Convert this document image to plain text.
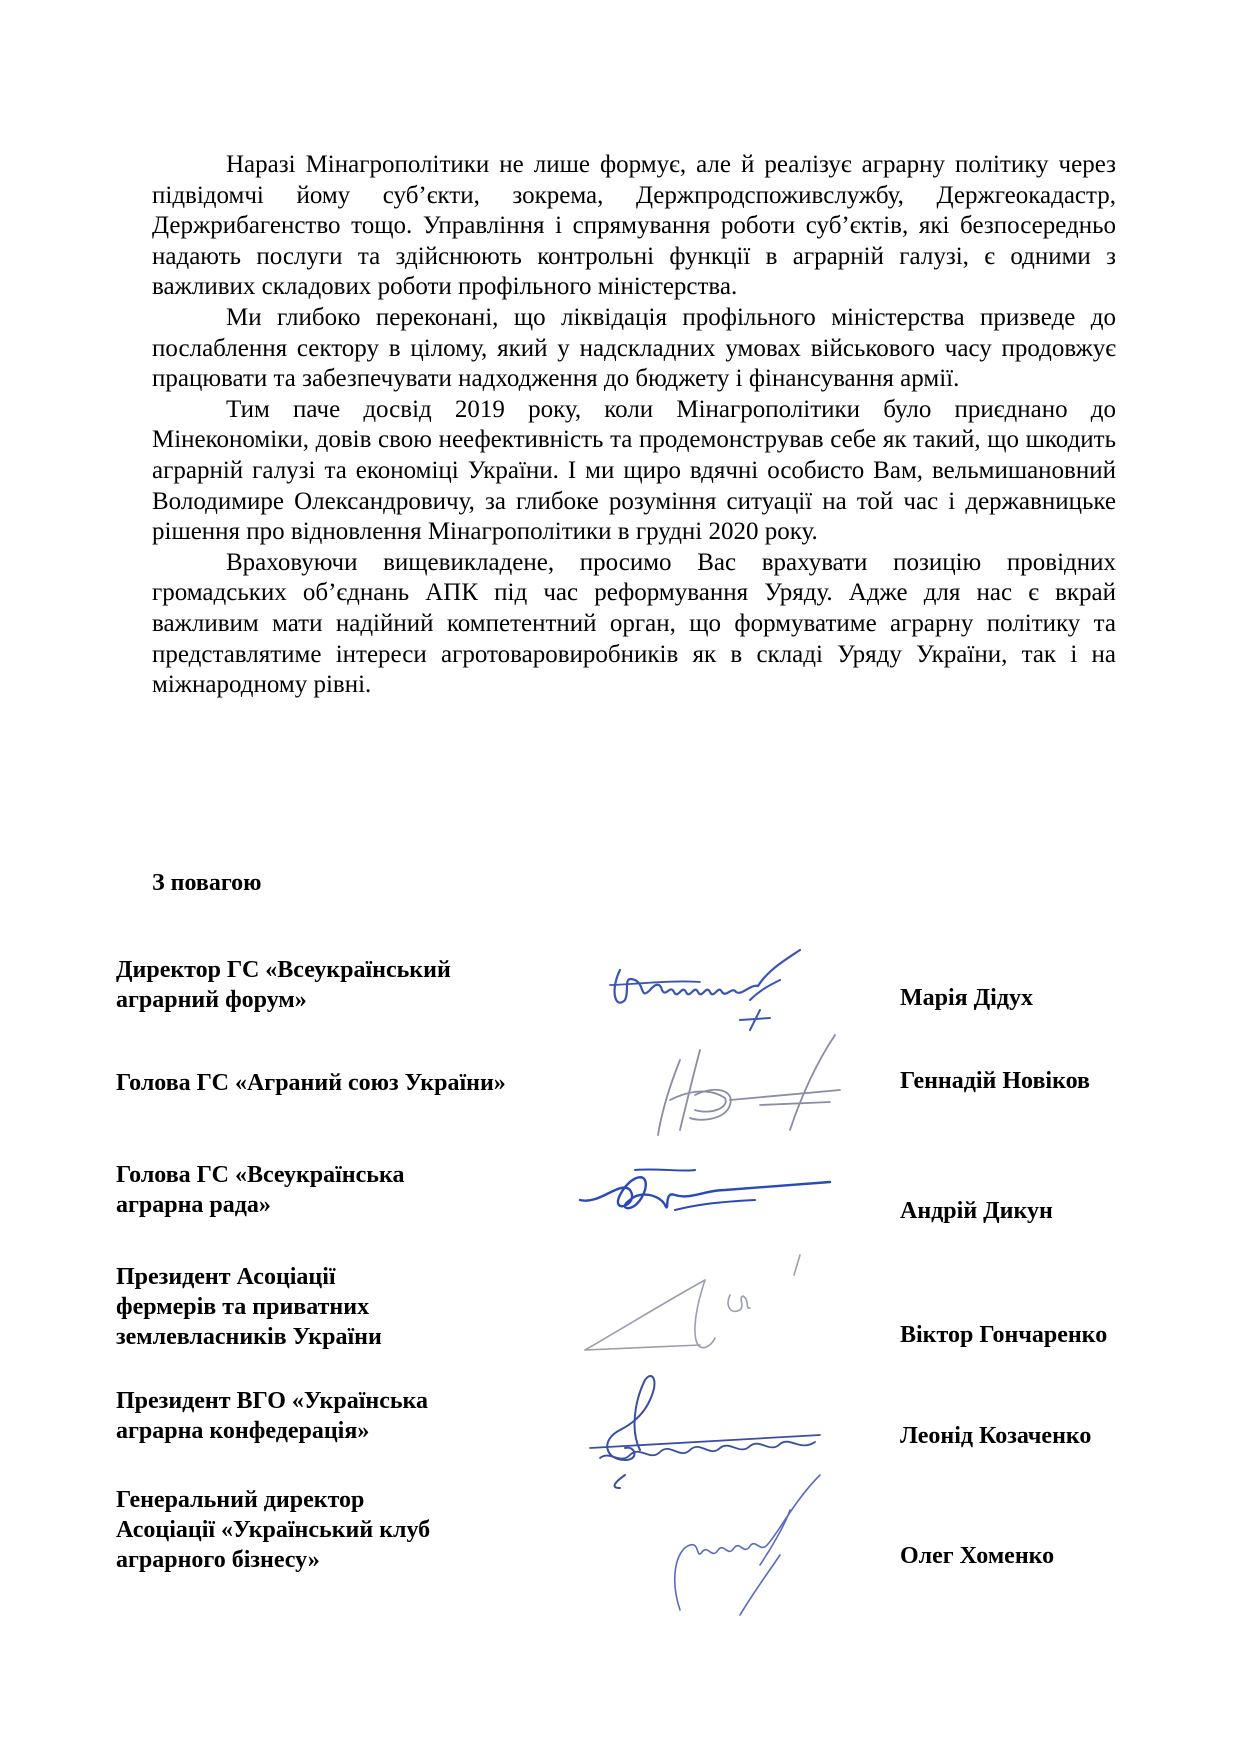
Наразі Мінагрополітики не лише формує, але й реалізує аграрну політику через підвідомчі йому суб’єкти, зокрема, Держпродспоживслужбу, Держгеокадастр, Держрибагенство тощо. Управління і спрямування роботи суб’єктів, які безпосередньо надають послуги та здійснюють контрольні функції в аграрній галузі, є одними з важливих складових роботи профільного міністерства.

Ми глибоко переконані, що ліквідація профільного міністерства призведе до послаблення сектору в цілому, який у надскладних умовах військового часу продовжує працювати та забезпечувати надходження до бюджету і фінансування армії.

Тим паче досвід 2019 року, коли Мінагрополітики було приєднано до Мінекономіки, довів свою неефективність та продемонстрував себе як такий, що шкодить аграрній галузі та економіці України. І ми щиро вдячні особисто Вам, вельмишановний Володимире Олександровичу, за глибоке розуміння ситуації на той час і державницьке рішення про відновлення Мінагрополітики в грудні 2020 року.

Враховуючи вищевикладене, просимо Вас врахувати позицію провідних громадських об’єднань АПК під час реформування Уряду. Адже для нас є вкрай важливим мати надійний компетентний орган, що формуватиме аграрну політику та представлятиме інтереси агротоваровиробників як в складі Уряду України, так і на міжнародному рівні.

З повагою
Директор ГС «Всеукраїнський
аграрний форум»	Марія Дідух
Голова ГС «Аграний союз України»	Геннадій Новіков
Голова ГС «Всеукраїнська
аграрна рада»	Андрій Дикун
Президент Асоціації
фермерів та приватних
землевласників України	Віктор Гончаренко
Президент ВГО «Українська
аграрна конфедерація»	Леонід Козаченко
Генеральний директор
Асоціації «Український клуб
аграрного бізнесу»	Олег Хоменко
